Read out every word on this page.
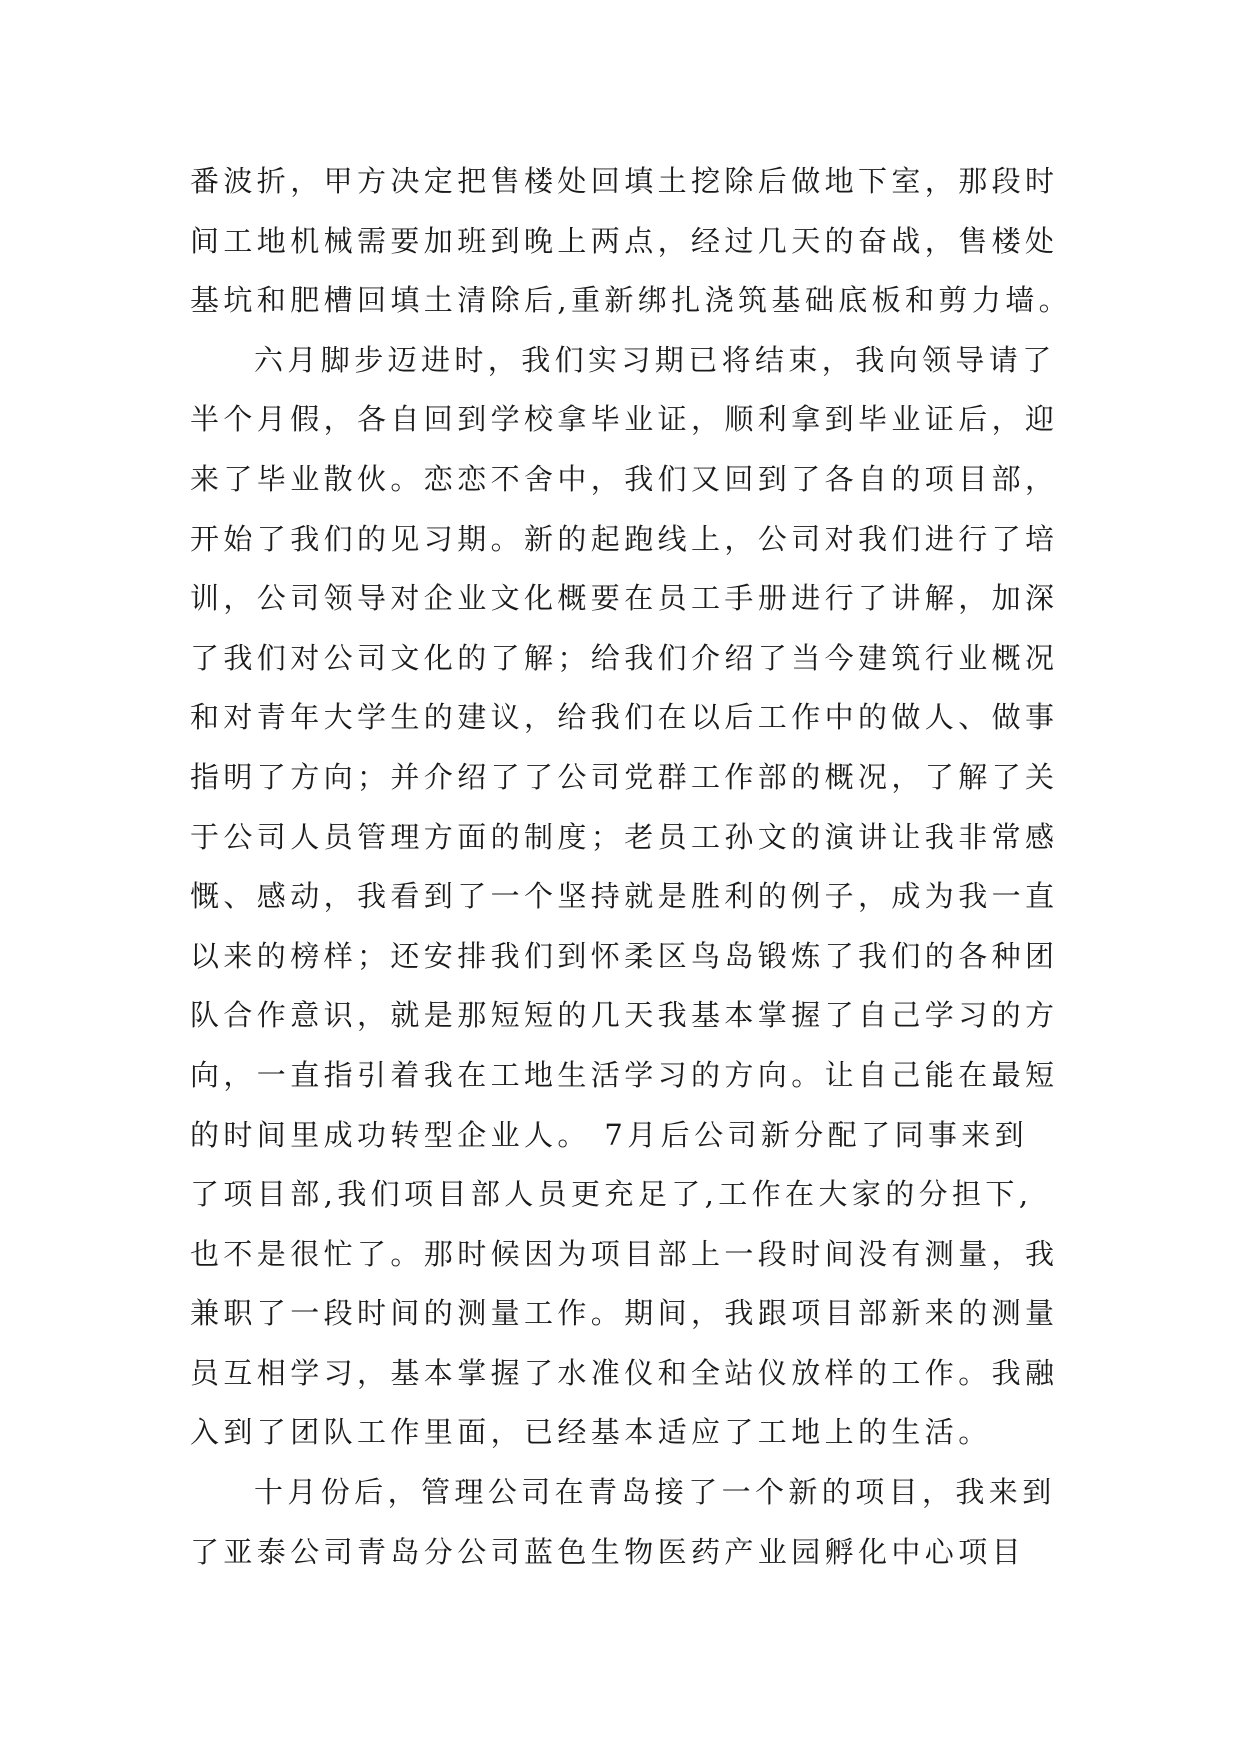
番波折，甲方决定把售楼处回填土挖除后做地下室，那段时
间工地机械需要加班到晚上两点，经过几天的奋战，售楼处
基坑和肥槽回填土清除后,重新绑扎浇筑基础底板和剪力墙。
六月脚步迈进时，我们实习期已将结束，我向领导请了
半个月假，各自回到学校拿毕业证，顺利拿到毕业证后，迎
来了毕业散伙。恋恋不舍中，我们又回到了各自的项目部，
开始了我们的见习期。新的起跑线上，公司对我们进行了培
训，公司领导对企业文化概要在员工手册进行了讲解，加深
了我们对公司文化的了解；给我们介绍了当今建筑行业概况
和对青年大学生的建议，给我们在以后工作中的做人、做事
指明了方向；并介绍了了公司党群工作部的概况，了解了关
于公司人员管理方面的制度；老员工孙文的演讲让我非常感
慨、感动，我看到了一个坚持就是胜利的例子，成为我一直
以来的榜样；还安排我们到怀柔区鸟岛锻炼了我们的各种团
队合作意识，就是那短短的几天我基本掌握了自己学习的方
向，一直指引着我在工地生活学习的方向。让自己能在最短
的时间里成功转型企业人。 7月后公司新分配了同事来到
了项目部,我们项目部人员更充足了,工作在大家的分担下,
也不是很忙了。那时候因为项目部上一段时间没有测量，我
兼职了一段时间的测量工作。期间，我跟项目部新来的测量
员互相学习，基本掌握了水准仪和全站仪放样的工作。我融
入到了团队工作里面，已经基本适应了工地上的生活。
十月份后，管理公司在青岛接了一个新的项目，我来到
了亚泰公司青岛分公司蓝色生物医药产业园孵化中心项目
